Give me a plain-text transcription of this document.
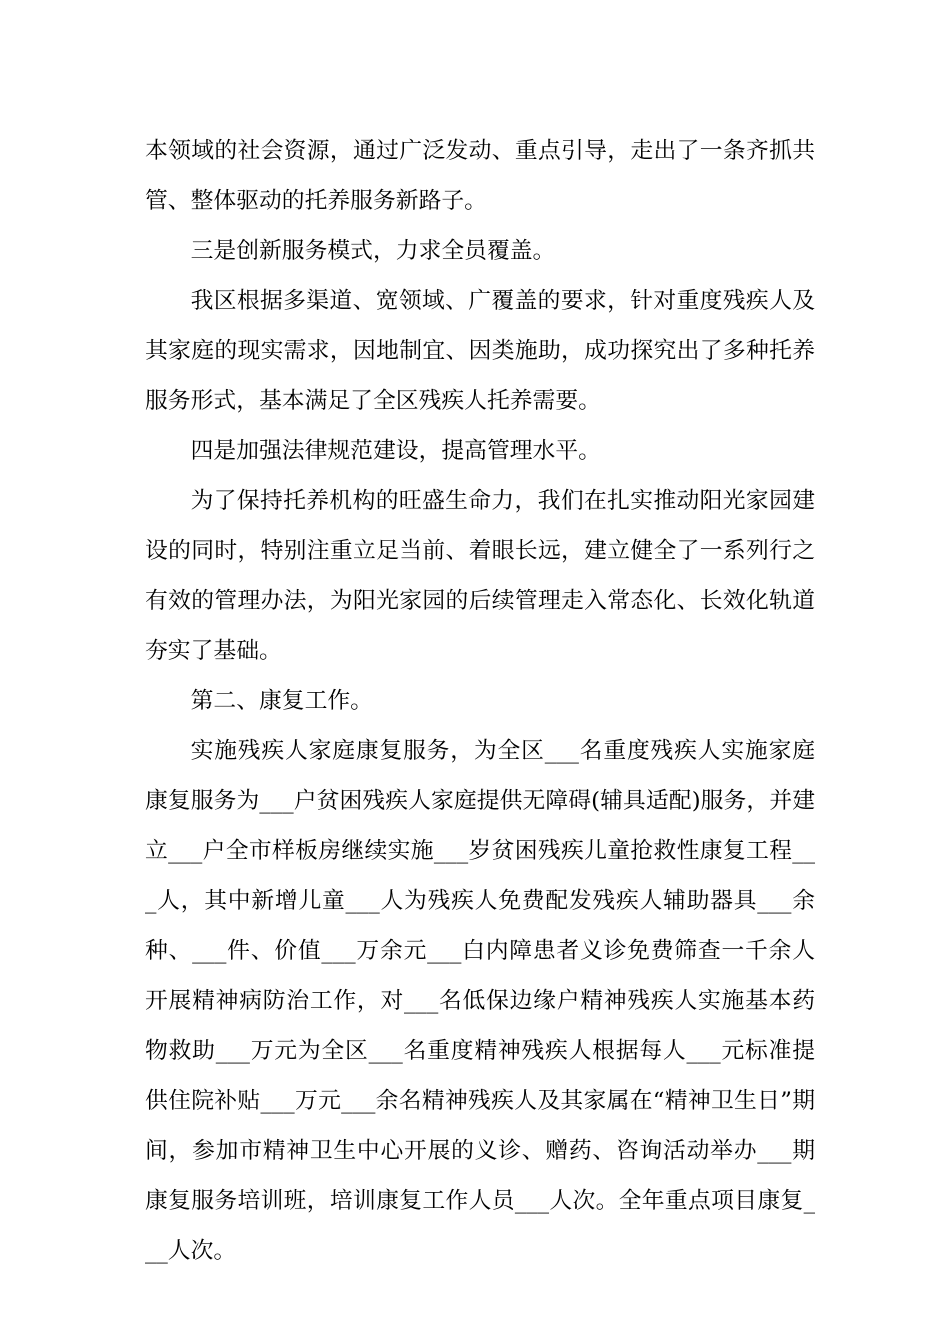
本领域的社会资源，通过广泛发动、重点引导，走出了一条齐抓共管、整体驱动的托养服务新路子。

三是创新服务模式，力求全员覆盖。

我区根据多渠道、宽领域、广覆盖的要求，针对重度残疾人及其家庭的现实需求，因地制宜、因类施助，成功探究出了多种托养服务形式，基本满足了全区残疾人托养需要。

四是加强法律规范建设，提高管理水平。

为了保持托养机构的旺盛生命力，我们在扎实推动阳光家园建设的同时，特别注重立足当前、着眼长远，建立健全了一系列行之有效的管理办法，为阳光家园的后续管理走入常态化、长效化轨道夯实了基础。

第二、康复工作。

实施残疾人家庭康复服务，为全区___名重度残疾人实施家庭康复服务为___户贫困残疾人家庭提供无障碍(辅具适配)服务，并建立___户全市样板房继续实施___岁贫困残疾儿童抢救性康复工程___人，其中新增儿童___人为残疾人免费配发残疾人辅助器具___余种、___件、价值___万余元___白内障患者义诊免费筛查一千余人开展精神病防治工作，对___名低保边缘户精神残疾人实施基本药物救助___万元为全区___名重度精神残疾人根据每人___元标准提供住院补贴___万元___余名精神残疾人及其家属在“精神卫生日”期间，参加市精神卫生中心开展的义诊、赠药、咨询活动举办___期康复服务培训班，培训康复工作人员___人次。全年重点项目康复___人次。
